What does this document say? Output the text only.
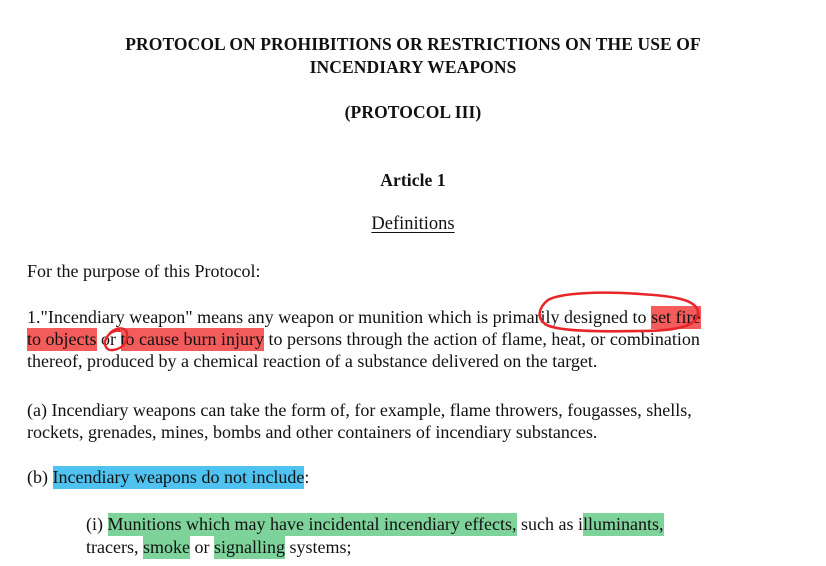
PROTOCOL ON PROHIBITIONS OR RESTRICTIONS ON THE USE OF
INCENDIARY WEAPONS
(PROTOCOL III)
Article 1
Definitions
For the purpose of this Protocol:
1."Incendiary weapon" means any weapon or munition which is primarily designed to set fire
to objects or to cause burn injury to persons through the action of flame, heat, or combination
thereof, produced by a chemical reaction of a substance delivered on the target.
(a) Incendiary weapons can take the form of, for example, flame throwers, fougasses, shells,
rockets, grenades, mines, bombs and other containers of incendiary substances.
(b) Incendiary weapons do not include:
(i) Munitions which may have incidental incendiary effects, such as illuminants,
tracers, smoke or signalling systems;
